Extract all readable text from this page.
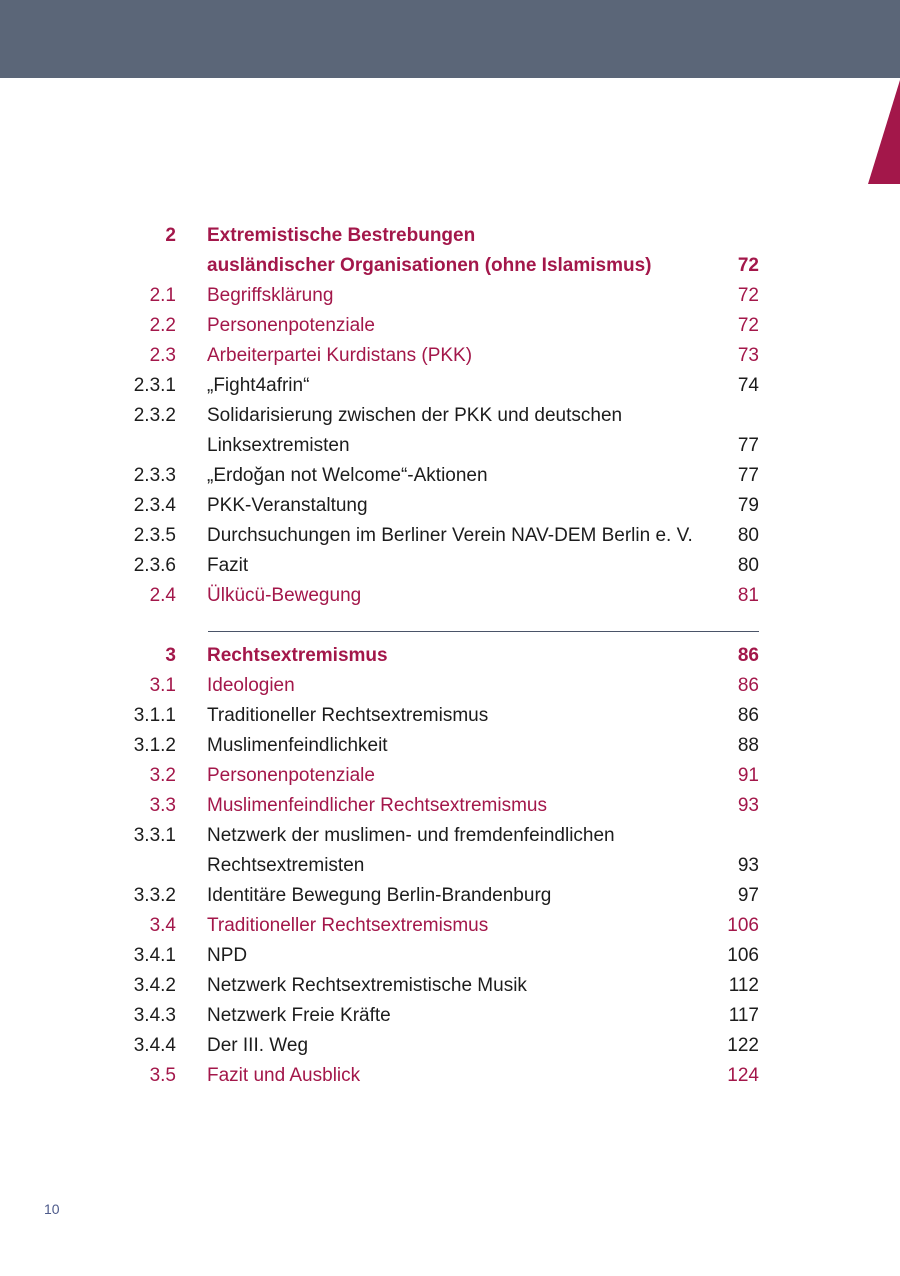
2 Extremistische Bestrebungen
ausländischer Organisationen (ohne Islamismus)	72
2.1 Begriffsklärung	72
2.2 Personenpotenziale	72
2.3 Arbeiterpartei Kurdistans (PKK)	73
2.3.1 „Fight4afrin“	74
2.3.2 Solidarisierung zwischen der PKK und deutschen
Linksextremisten	77
2.3.3 „Erdoğan not Welcome“-Aktionen	77
2.3.4 PKK-Veranstaltung	79
2.3.5 Durchsuchungen im Berliner Verein NAV-DEM Berlin e. V. 80
2.3.6 Fazit	80
2.4 Ülkücü-Bewegung	81
3 Rechtsextremismus	86
3.1 Ideologien	86
3.1.1 Traditioneller Rechtsextremismus	86
3.1.2 Muslimenfeindlichkeit	88
3.2 Personenpotenziale	91
3.3 Muslimenfeindlicher Rechtsextremismus	93
3.3.1 Netzwerk der muslimen- und fremdenfeindlichen
Rechtsextremisten	93
3.3.2 Identitäre Bewegung Berlin-Brandenburg	97
3.4 Traditioneller Rechtsextremismus	106
3.4.1 NPD	106
3.4.2 Netzwerk Rechtsextremistische Musik	112
3.4.3 Netzwerk Freie Kräfte	117
3.4.4 Der III. Weg	122
3.5 Fazit und Ausblick	124
10
